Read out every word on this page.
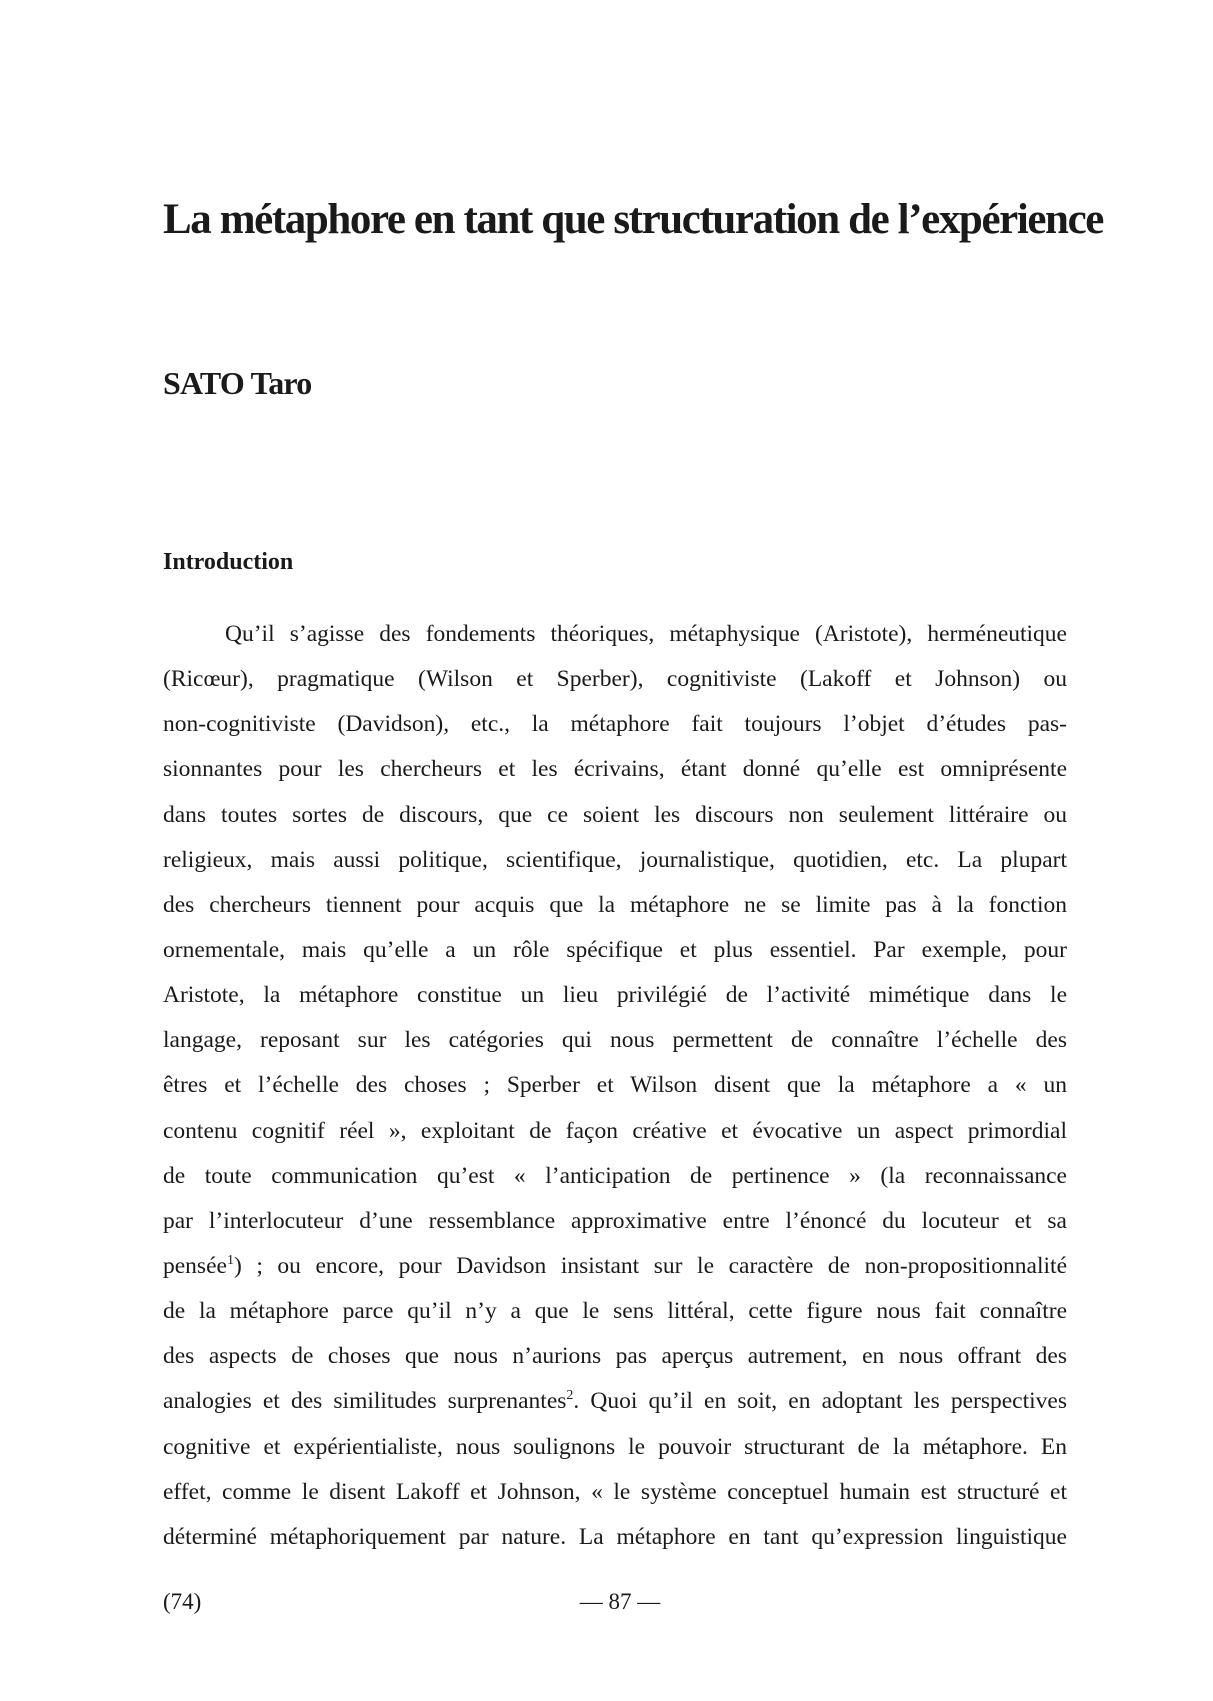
La métaphore en tant que structuration de l’expérience
SATO Taro
Introduction
Qu’il s’agisse des fondements théoriques, métaphysique (Aristote), herméneutique
(Ricœur), pragmatique (Wilson et Sperber), cognitiviste (Lakoff et Johnson) ou
non-cognitiviste (Davidson), etc., la métaphore fait toujours l’objet d’études pas-
sionnantes pour les chercheurs et les écrivains, étant donné qu’elle est omniprésente
dans toutes sortes de discours, que ce soient les discours non seulement littéraire ou
religieux, mais aussi politique, scientifique, journalistique, quotidien, etc. La plupart
des chercheurs tiennent pour acquis que la métaphore ne se limite pas à la fonction
ornementale, mais qu’elle a un rôle spécifique et plus essentiel. Par exemple, pour
Aristote, la métaphore constitue un lieu privilégié de l’activité mimétique dans le
langage, reposant sur les catégories qui nous permettent de connaître l’échelle des
êtres et l’échelle des choses ; Sperber et Wilson disent que la métaphore a « un
contenu cognitif réel », exploitant de façon créative et évocative un aspect primordial
de toute communication qu’est « l’anticipation de pertinence » (la reconnaissance
par l’interlocuteur d’une ressemblance approximative entre l’énoncé du locuteur et sa
pensée$^1$) ; ou encore, pour Davidson insistant sur le caractère de non-propositionnalité
de la métaphore parce qu’il n’y a que le sens littéral, cette figure nous fait connaître
des aspects de choses que nous n’aurions pas aperçus autrement, en nous offrant des
analogies et des similitudes surprenantes$^2$. Quoi qu’il en soit, en adoptant les perspectives
cognitive et expérientialiste, nous soulignons le pouvoir structurant de la métaphore. En
effet, comme le disent Lakoff et Johnson, « le système conceptuel humain est structuré et
déterminé métaphoriquement par nature. La métaphore en tant qu’expression linguistique
(74)	— 87 —
